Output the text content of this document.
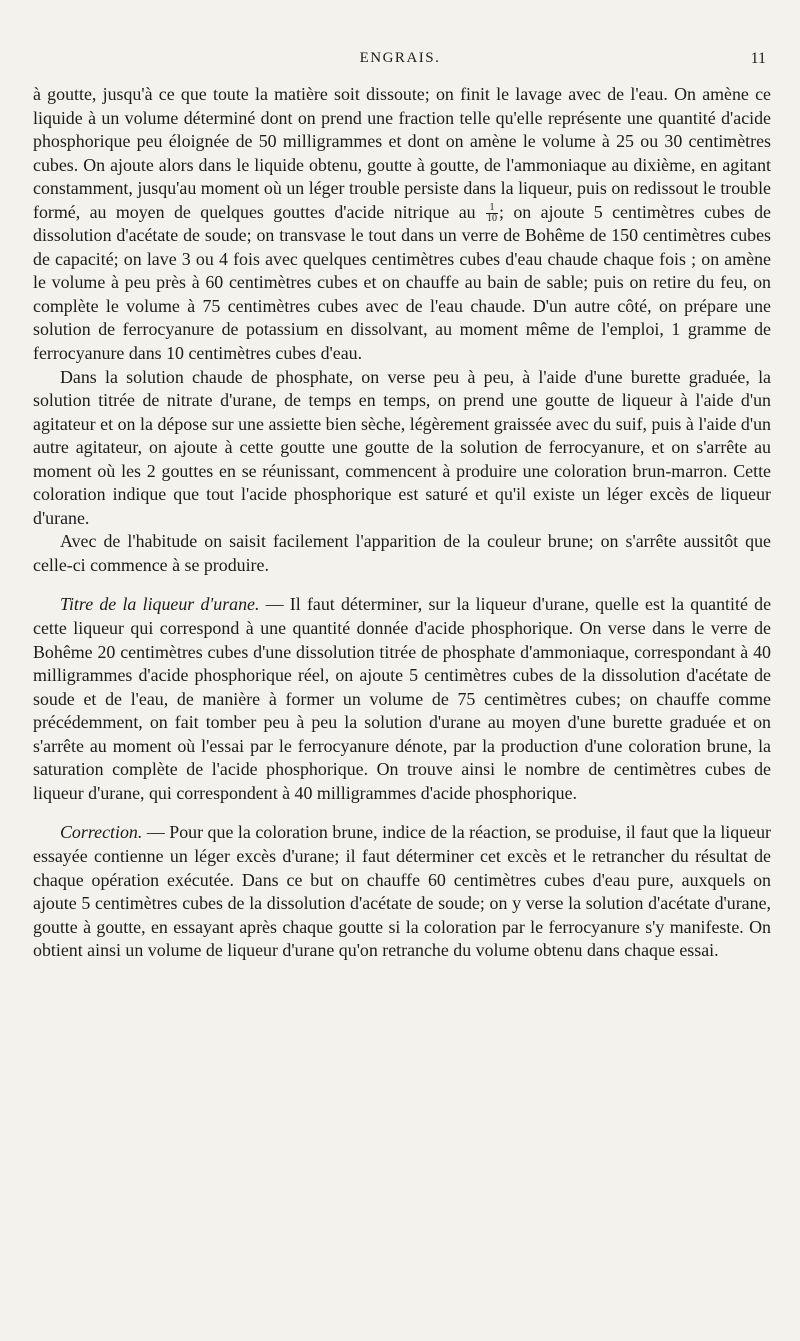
ENGRAIS.	11

à goutte, jusqu'à ce que toute la matière soit dissoute; on finit le lavage avec de l'eau. On amène ce liquide à un volume déterminé dont on prend une fraction telle qu'elle représente une quantité d'acide phosphorique peu éloignée de 50 milligrammes et dont on amène le volume à 25 ou 30 centimètres cubes. On ajoute alors dans le liquide obtenu, goutte à goutte, de l'ammoniaque au dixième, en agitant constamment, jusqu'au moment où un léger trouble persiste dans la liqueur, puis on redissout le trouble formé, au moyen de quelques gouttes d'acide nitrique au $\frac{1}{10}$ ; on ajoute 5 centimètres cubes de dissolution d'acétate de soude; on transvase le tout dans un verre de Bohême de 150 centimètres cubes de capacité; on lave 3 ou 4 fois avec quelques centimètres cubes d'eau chaude chaque fois ; on amène le volume à peu près à 60 centimètres cubes et on chauffe au bain de sable; puis on retire du feu, on complète le volume à 75 centimètres cubes avec de l'eau chaude. D'un autre côté, on prépare une solution de ferrocyanure de potassium en dissolvant, au moment même de l'emploi, 1 gramme de ferrocyanure dans 10 centimètres cubes d'eau.

Dans la solution chaude de phosphate, on verse peu à peu, à l'aide d'une burette graduée, la solution titrée de nitrate d'urane, de temps en temps, on prend une goutte de liqueur à l'aide d'un agitateur et on la dépose sur une assiette bien sèche, légèrement graissée avec du suif, puis à l'aide d'un autre agitateur, on ajoute à cette goutte une goutte de la solution de ferrocyanure, et on s'arrête au moment où les 2 gouttes en se réunissant, commencent à produire une coloration brun-marron. Cette coloration indique que tout l'acide phosphorique est saturé et qu'il existe un léger excès de liqueur d'urane.

Avec de l'habitude on saisit facilement l'apparition de la couleur brune; on s'arrête aussitôt que celle-ci commence à se produire.

Titre de la liqueur d'urane. — Il faut déterminer, sur la liqueur d'urane, quelle est la quantité de cette liqueur qui correspond à une quantité donnée d'acide phosphorique. On verse dans le verre de Bohême 20 centimètres cubes d'une dissolution titrée de phosphate d'ammoniaque, correspondant à 40 milligrammes d'acide phosphorique réel, on ajoute 5 centimètres cubes de la dissolution d'acétate de soude et de l'eau, de manière à former un volume de 75 centimètres cubes; on chauffe comme précédemment, on fait tomber peu à peu la solution d'urane au moyen d'une burette graduée et on s'arrête au moment où l'essai par le ferrocyanure dénote, par la production d'une coloration brune, la saturation complète de l'acide phosphorique. On trouve ainsi le nombre de centimètres cubes de liqueur d'urane, qui correspondent à 40 milligrammes d'acide phosphorique.

Correction. — Pour que la coloration brune, indice de la réaction, se produise, il faut que la liqueur essayée contienne un léger excès d'urane; il faut déterminer cet excès et le retrancher du résultat de chaque opération exécutée. Dans ce but on chauffe 60 centimètres cubes d'eau pure, auxquels on ajoute 5 centimètres cubes de la dissolution d'acétate de soude; on y verse la solution d'acétate d'urane, goutte à goutte, en essayant après chaque goutte si la coloration par le ferrocyanure s'y manifeste. On obtient ainsi un volume de liqueur d'urane qu'on retranche du volume obtenu dans chaque essai.
